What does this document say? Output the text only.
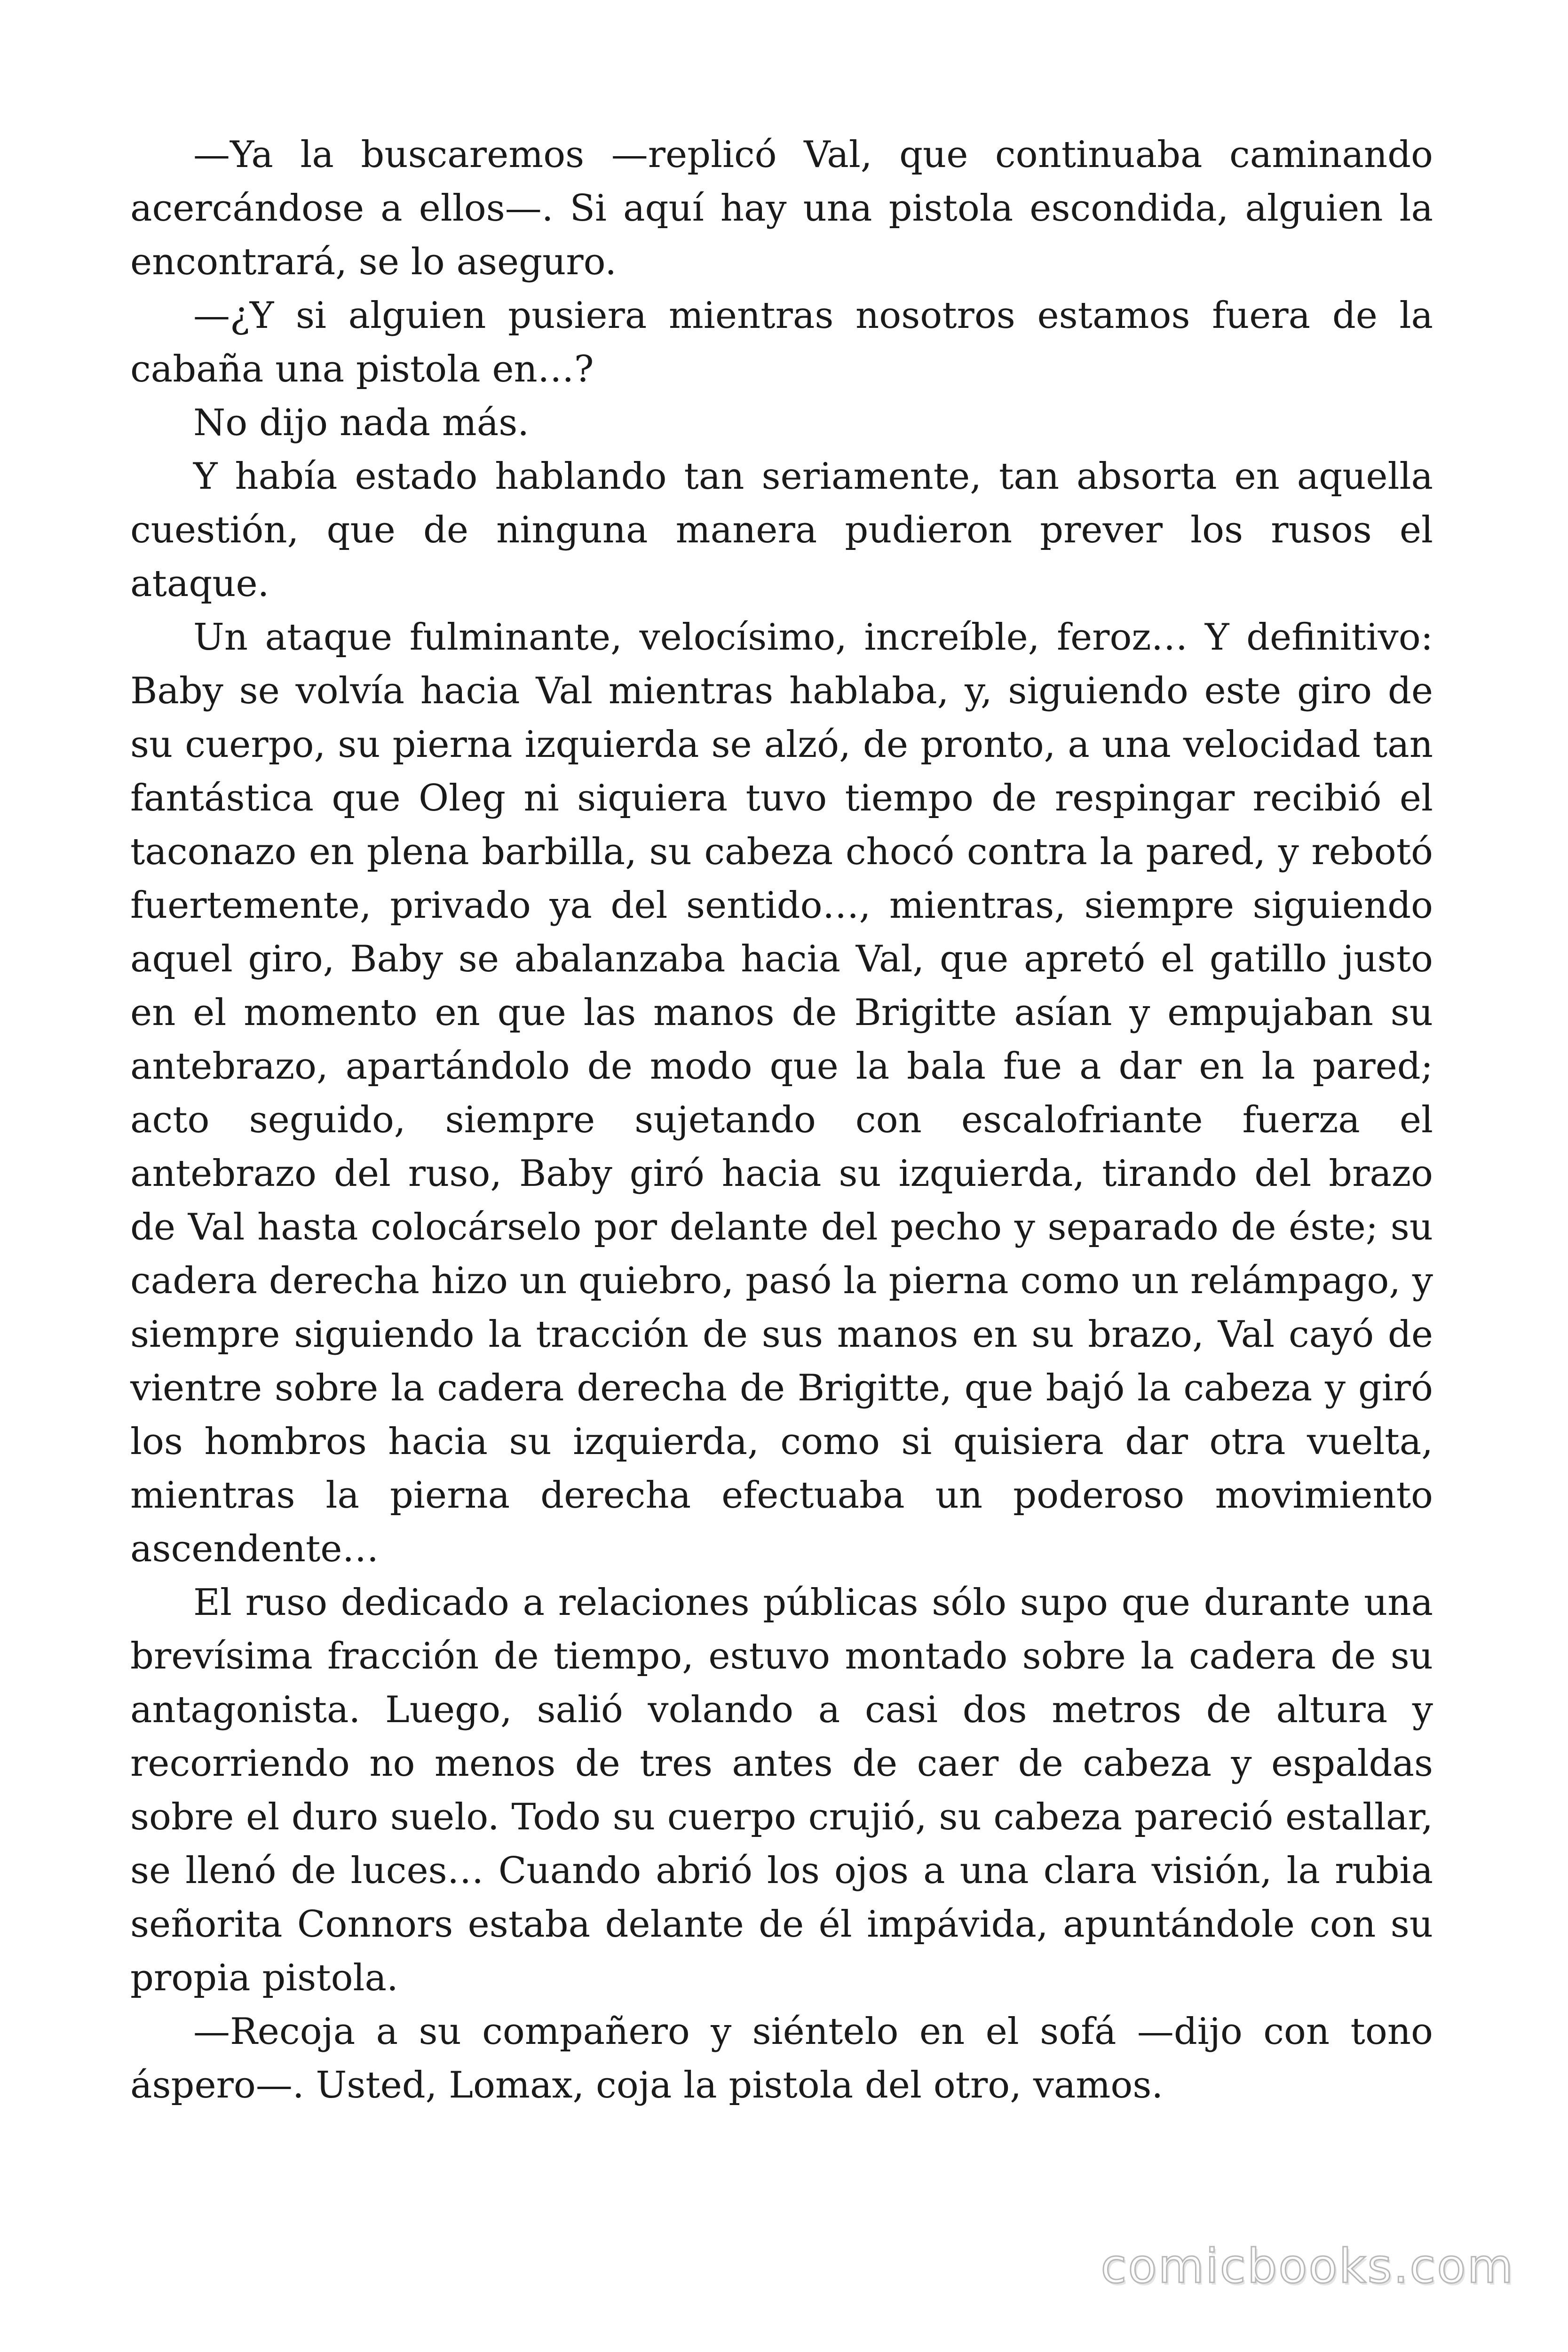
—Ya la buscaremos —replicó Val, que continuaba caminando acercándose a ellos—. Si aquí hay una pistola escondida, alguien la encontrará, se lo aseguro.

—¿Y si alguien pusiera mientras nosotros estamos fuera de la cabaña una pistola en…?

No dijo nada más.

Y había estado hablando tan seriamente, tan absorta en aquella cuestión, que de ninguna manera pudieron prever los rusos el ataque.

Un ataque fulminante, velocísimo, increíble, feroz… Y definitivo: Baby se volvía hacia Val mientras hablaba, y, siguiendo este giro de su cuerpo, su pierna izquierda se alzó, de pronto, a una velocidad tan fantástica que Oleg ni siquiera tuvo tiempo de respingar recibió el taconazo en plena barbilla, su cabeza chocó contra la pared, y rebotó fuertemente, privado ya del sentido…, mientras, siempre siguiendo aquel giro, Baby se abalanzaba hacia Val, que apretó el gatillo justo en el momento en que las manos de Brigitte asían y empujaban su antebrazo, apartándolo de modo que la bala fue a dar en la pared; acto seguido, siempre sujetando con escalofriante fuerza el antebrazo del ruso, Baby giró hacia su izquierda, tirando del brazo de Val hasta colocárselo por delante del pecho y separado de éste; su cadera derecha hizo un quiebro, pasó la pierna como un relámpago, y siempre siguiendo la tracción de sus manos en su brazo, Val cayó de vientre sobre la cadera derecha de Brigitte, que bajó la cabeza y giró los hombros hacia su izquierda, como si quisiera dar otra vuelta, mientras la pierna derecha efectuaba un poderoso movimiento ascendente…

El ruso dedicado a relaciones públicas sólo supo que durante una brevísima fracción de tiempo, estuvo montado sobre la cadera de su antagonista. Luego, salió volando a casi dos metros de altura y recorriendo no menos de tres antes de caer de cabeza y espaldas sobre el duro suelo. Todo su cuerpo crujió, su cabeza pareció estallar, se llenó de luces… Cuando abrió los ojos a una clara visión, la rubia señorita Connors estaba delante de él impávida, apuntándole con su propia pistola.

—Recoja a su compañero y siéntelo en el sofá —dijo con tono áspero—. Usted, Lomax, coja la pistola del otro, vamos.

comicbooks.com
